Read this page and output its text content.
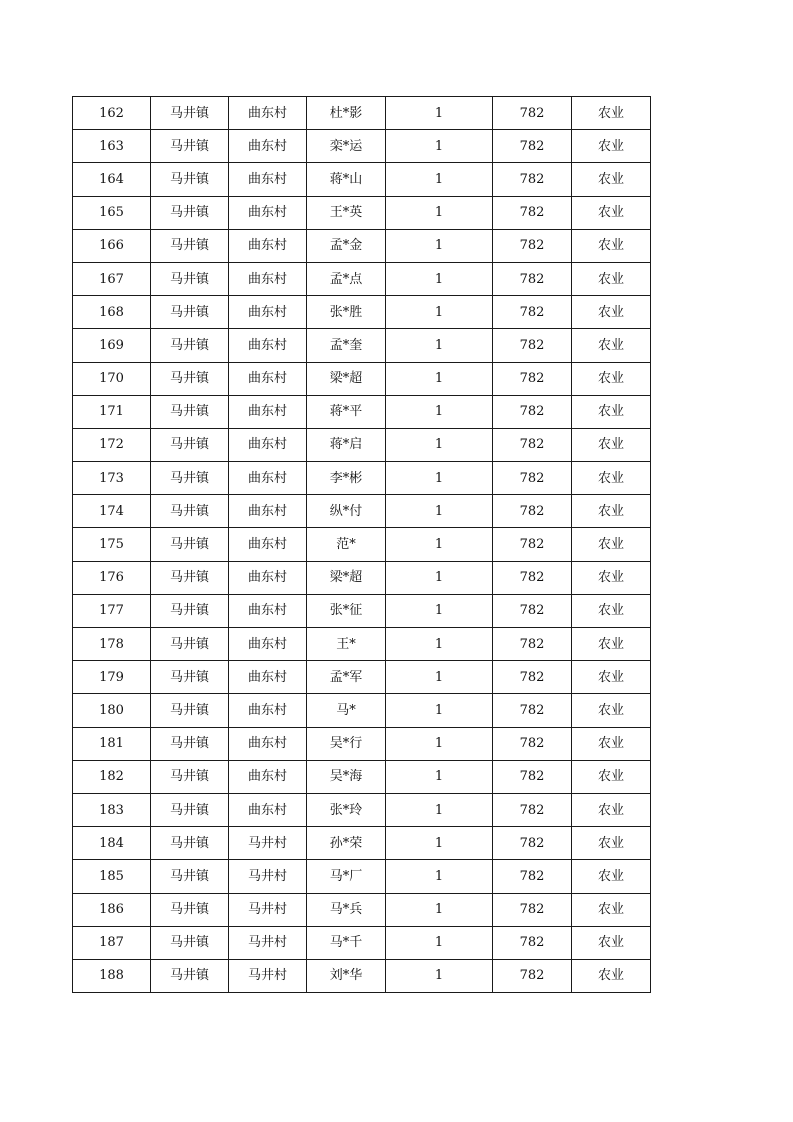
162	马井镇	曲东村	杜*影	1	782	农业
163	马井镇	曲东村	栾*运	1	782	农业
164	马井镇	曲东村	蒋*山	1	782	农业
165	马井镇	曲东村	王*英	1	782	农业
166	马井镇	曲东村	孟*金	1	782	农业
167	马井镇	曲东村	孟*点	1	782	农业
168	马井镇	曲东村	张*胜	1	782	农业
169	马井镇	曲东村	孟*奎	1	782	农业
170	马井镇	曲东村	梁*超	1	782	农业
171	马井镇	曲东村	蒋*平	1	782	农业
172	马井镇	曲东村	蒋*启	1	782	农业
173	马井镇	曲东村	李*彬	1	782	农业
174	马井镇	曲东村	纵*付	1	782	农业
175	马井镇	曲东村	范*	1	782	农业
176	马井镇	曲东村	梁*超	1	782	农业
177	马井镇	曲东村	张*征	1	782	农业
178	马井镇	曲东村	王*	1	782	农业
179	马井镇	曲东村	孟*军	1	782	农业
180	马井镇	曲东村	马*	1	782	农业
181	马井镇	曲东村	吴*行	1	782	农业
182	马井镇	曲东村	吴*海	1	782	农业
183	马井镇	曲东村	张*玲	1	782	农业
184	马井镇	马井村	孙*荣	1	782	农业
185	马井镇	马井村	马*厂	1	782	农业
186	马井镇	马井村	马*兵	1	782	农业
187	马井镇	马井村	马*千	1	782	农业
188	马井镇	马井村	刘*华	1	782	农业
